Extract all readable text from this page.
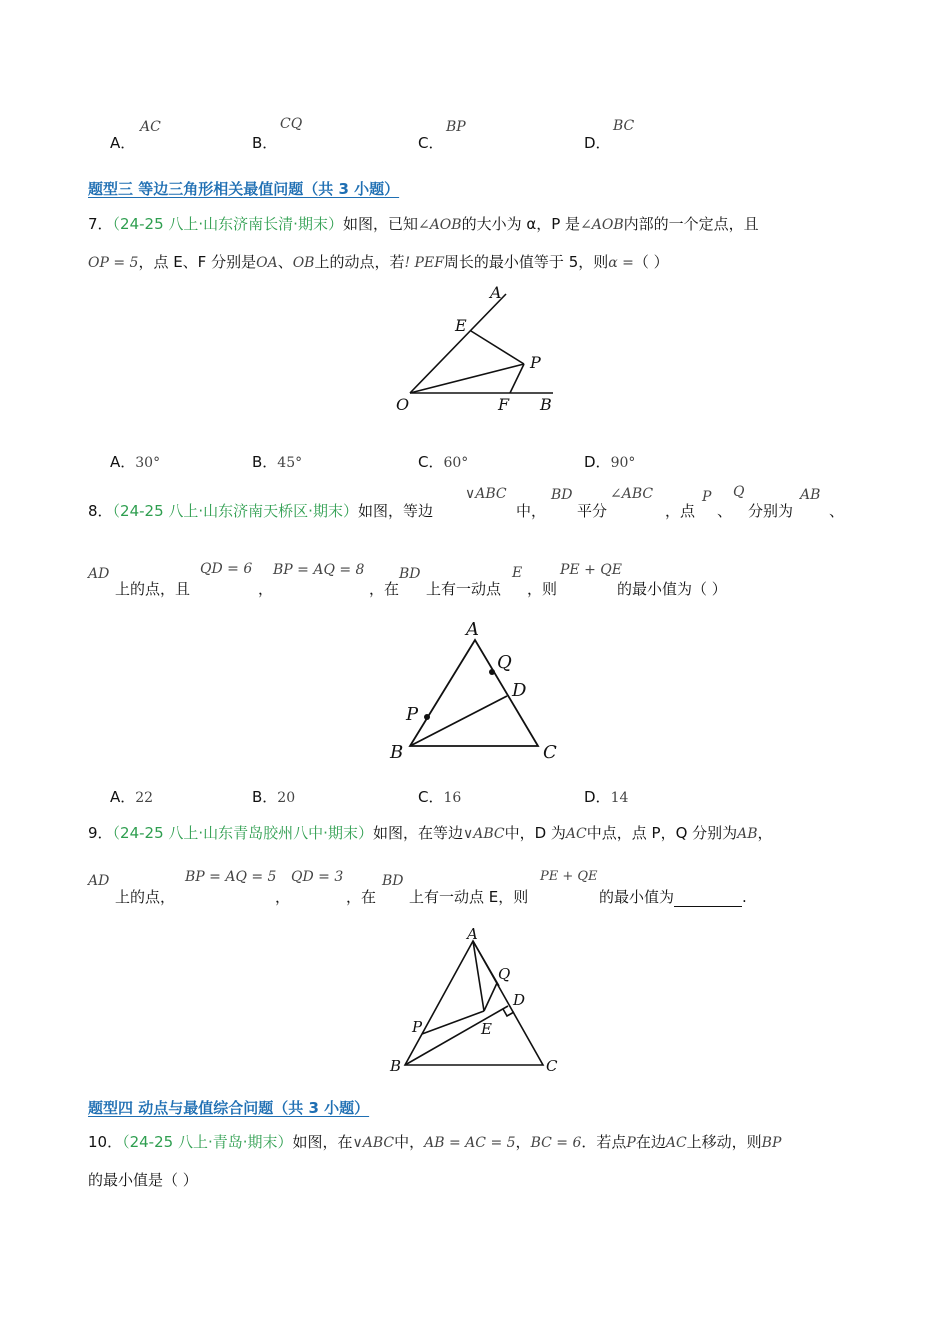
A．
AC
B．
CQ
C．
BP
D．
BC
题型三 等边三角形相关最值问题（共 3 小题）
7．（24-25 八上·山东济南长清·期末）如图，已知∠AOB的大小为 α，P 是∠AOB内部的一个定点，且
OP = 5，点 E、F 分别是OA、OB上的动点，若! PEF周长的最小值等于 5，则α =（ ）
A
E
P
O	F B
A．30°	B．45°	C．60°	D．90°
8．（24-25 八上·山东济南天桥区·期末）如图，等边
∨ABC
中，
BD
平分
∠ABC
，点
P
、
Q
分别为
AB
、
AD
上的点，且
QD = 6
，
BP = AQ = 8
，在
BD
上有一动点
E
，则
PE + QE
的最小值为（ ）
A
Q
D
P
B	C
A．22	B．20	C．16	D．14
9．（24-25 八上·山东青岛胶州八中·期末）如图，在等边∨ABC中，D 为AC中点，点 P，Q 分别为AB，
AD
上的点，
BP = AQ = 5
，
QD = 3
，在
BD
上有一动点 E，则
PE + QE
的最小值为	.
A
Q
D
P	E
B	C
题型四 动点与最值综合问题（共 3 小题）
10．（24-25 八上·青岛·期末）如图，在∨ABC中，AB = AC = 5，BC = 6．若点P在边AC上移动，则BP
的最小值是（ ）
